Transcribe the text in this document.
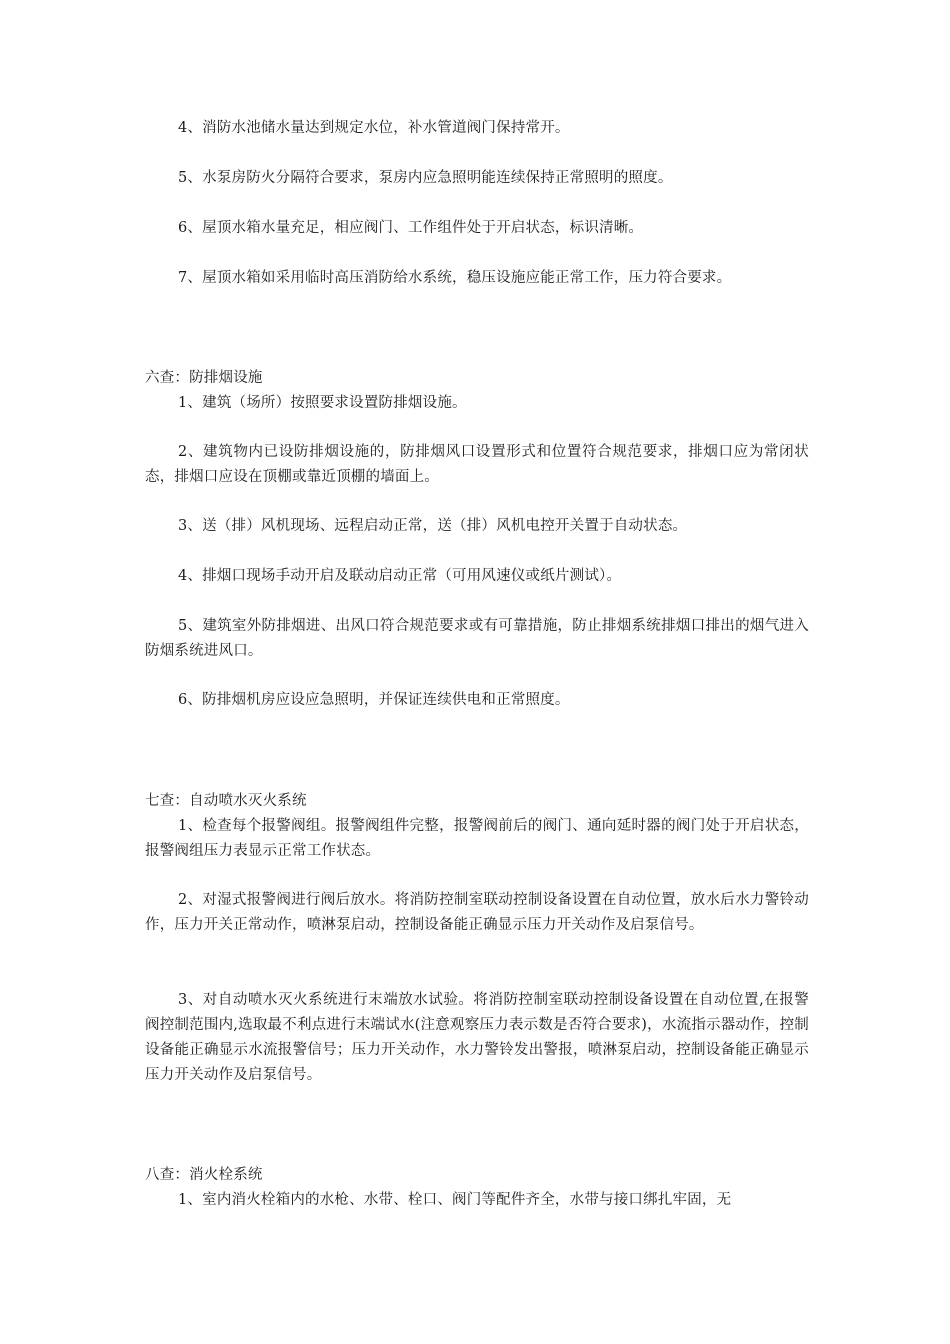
4、消防水池储水量达到规定水位，补水管道阀门保持常开。

5、水泵房防火分隔符合要求，泵房内应急照明能连续保持正常照明的照度。

6、屋顶水箱水量充足，相应阀门、工作组件处于开启状态，标识清晰。

7、屋顶水箱如采用临时高压消防给水系统，稳压设施应能正常工作，压力符合要求。

六查：防排烟设施

1、建筑（场所）按照要求设置防排烟设施。

2、建筑物内已设防排烟设施的，防排烟风口设置形式和位置符合规范要求，排烟口应为常闭状态，排烟口应设在顶棚或靠近顶棚的墙面上。

3、送（排）风机现场、远程启动正常，送（排）风机电控开关置于自动状态。

4、排烟口现场手动开启及联动启动正常（可用风速仪或纸片测试）。

5、建筑室外防排烟进、出风口符合规范要求或有可靠措施，防止排烟系统排烟口排出的烟气进入防烟系统进风口。

6、防排烟机房应设应急照明，并保证连续供电和正常照度。

七查：自动喷水灭火系统

1、检查每个报警阀组。报警阀组件完整，报警阀前后的阀门、通向延时器的阀门处于开启状态，报警阀组压力表显示正常工作状态。

2、对湿式报警阀进行阀后放水。将消防控制室联动控制设备设置在自动位置，放水后水力警铃动作，压力开关正常动作，喷淋泵启动，控制设备能正确显示压力开关动作及启泵信号。

3、对自动喷水灭火系统进行末端放水试验。将消防控制室联动控制设备设置在自动位置,在报警阀控制范围内,选取最不利点进行末端试水(注意观察压力表示数是否符合要求)，水流指示器动作，控制设备能正确显示水流报警信号；压力开关动作，水力警铃发出警报，喷淋泵启动，控制设备能正确显示压力开关动作及启泵信号。

八查：消火栓系统

1、室内消火栓箱内的水枪、水带、栓口、阀门等配件齐全，水带与接口绑扎牢固，无
